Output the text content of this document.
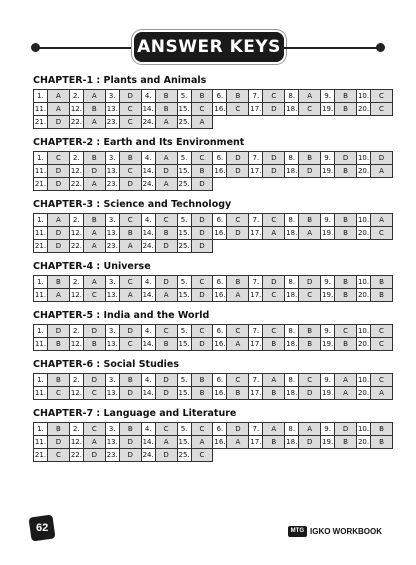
ANSWER KEYS
CHAPTER-1 : Plants and Animals
1.	A	2.	A	3.	D	4.	B	5.	B	6.	B	7.	C	8.	A	9.	B	10.	C
11.	A	12.	B	13.	C	14.	B	15.	C	16.	C	17.	D	18.	C	19.	B	20.	C
21.	D	22.	A	23.	C	24.	A	25.	A										
CHAPTER-2 : Earth and Its Environment
1.	C	2.	B	3.	B	4.	A	5.	C	6.	D	7.	D	8.	B	9.	D	10.	D
11.	D	12.	D	13.	C	14.	D	15.	B	16.	D	17.	D	18.	D	19.	B	20.	A
21.	D	22.	A	23.	D	24.	A	25.	D										
CHAPTER-3 : Science and Technology
1.	A	2.	B	3.	C	4.	C	5.	D	6.	C	7.	C	8.	B	9.	B	10.	A
11.	D	12.	A	13.	B	14.	B	15.	D	16.	D	17.	A	18.	A	19.	B	20.	C
21.	D	22.	A	23.	A	24.	D	25.	D										
CHAPTER-4 : Universe
1.	B	2.	A	3.	C	4.	D	5.	C	6.	B	7.	D	8.	D	9.	B	10.	B
11.	A	12.	C	13.	A	14.	A	15.	D	16.	A	17.	C	18.	C	19.	B	20.	B
CHAPTER-5 : India and the World
1.	D	2.	D	3.	D	4.	C	5.	C	6.	C	7.	C	8.	B	9.	C	10.	C
11.	B	12.	B	13.	C	14.	B	15.	D	16.	A	17.	B	18.	B	19.	B	20.	C
CHAPTER-6 : Social Studies
1.	B	2.	D	3.	B	4.	D	5.	B	6.	C	7.	A	8.	C	9.	A	10.	C
11.	C	12.	C	13.	D	14.	D	15.	B	16.	B	17.	B	18.	D	19.	A	20.	A
CHAPTER-7 : Language and Literature
1.	B	2.	C	3.	B	4.	C	5.	C	6.	D	7.	A	8.	A	9.	D	10.	B
11.	D	12.	A	13.	D	14.	A	15.	A	16.	A	17.	B	18.	D	19.	B	20.	B
21.	C	22.	D	23.	D	24.	D	25.	C										
62	MTG IGKO WORKBOOK
